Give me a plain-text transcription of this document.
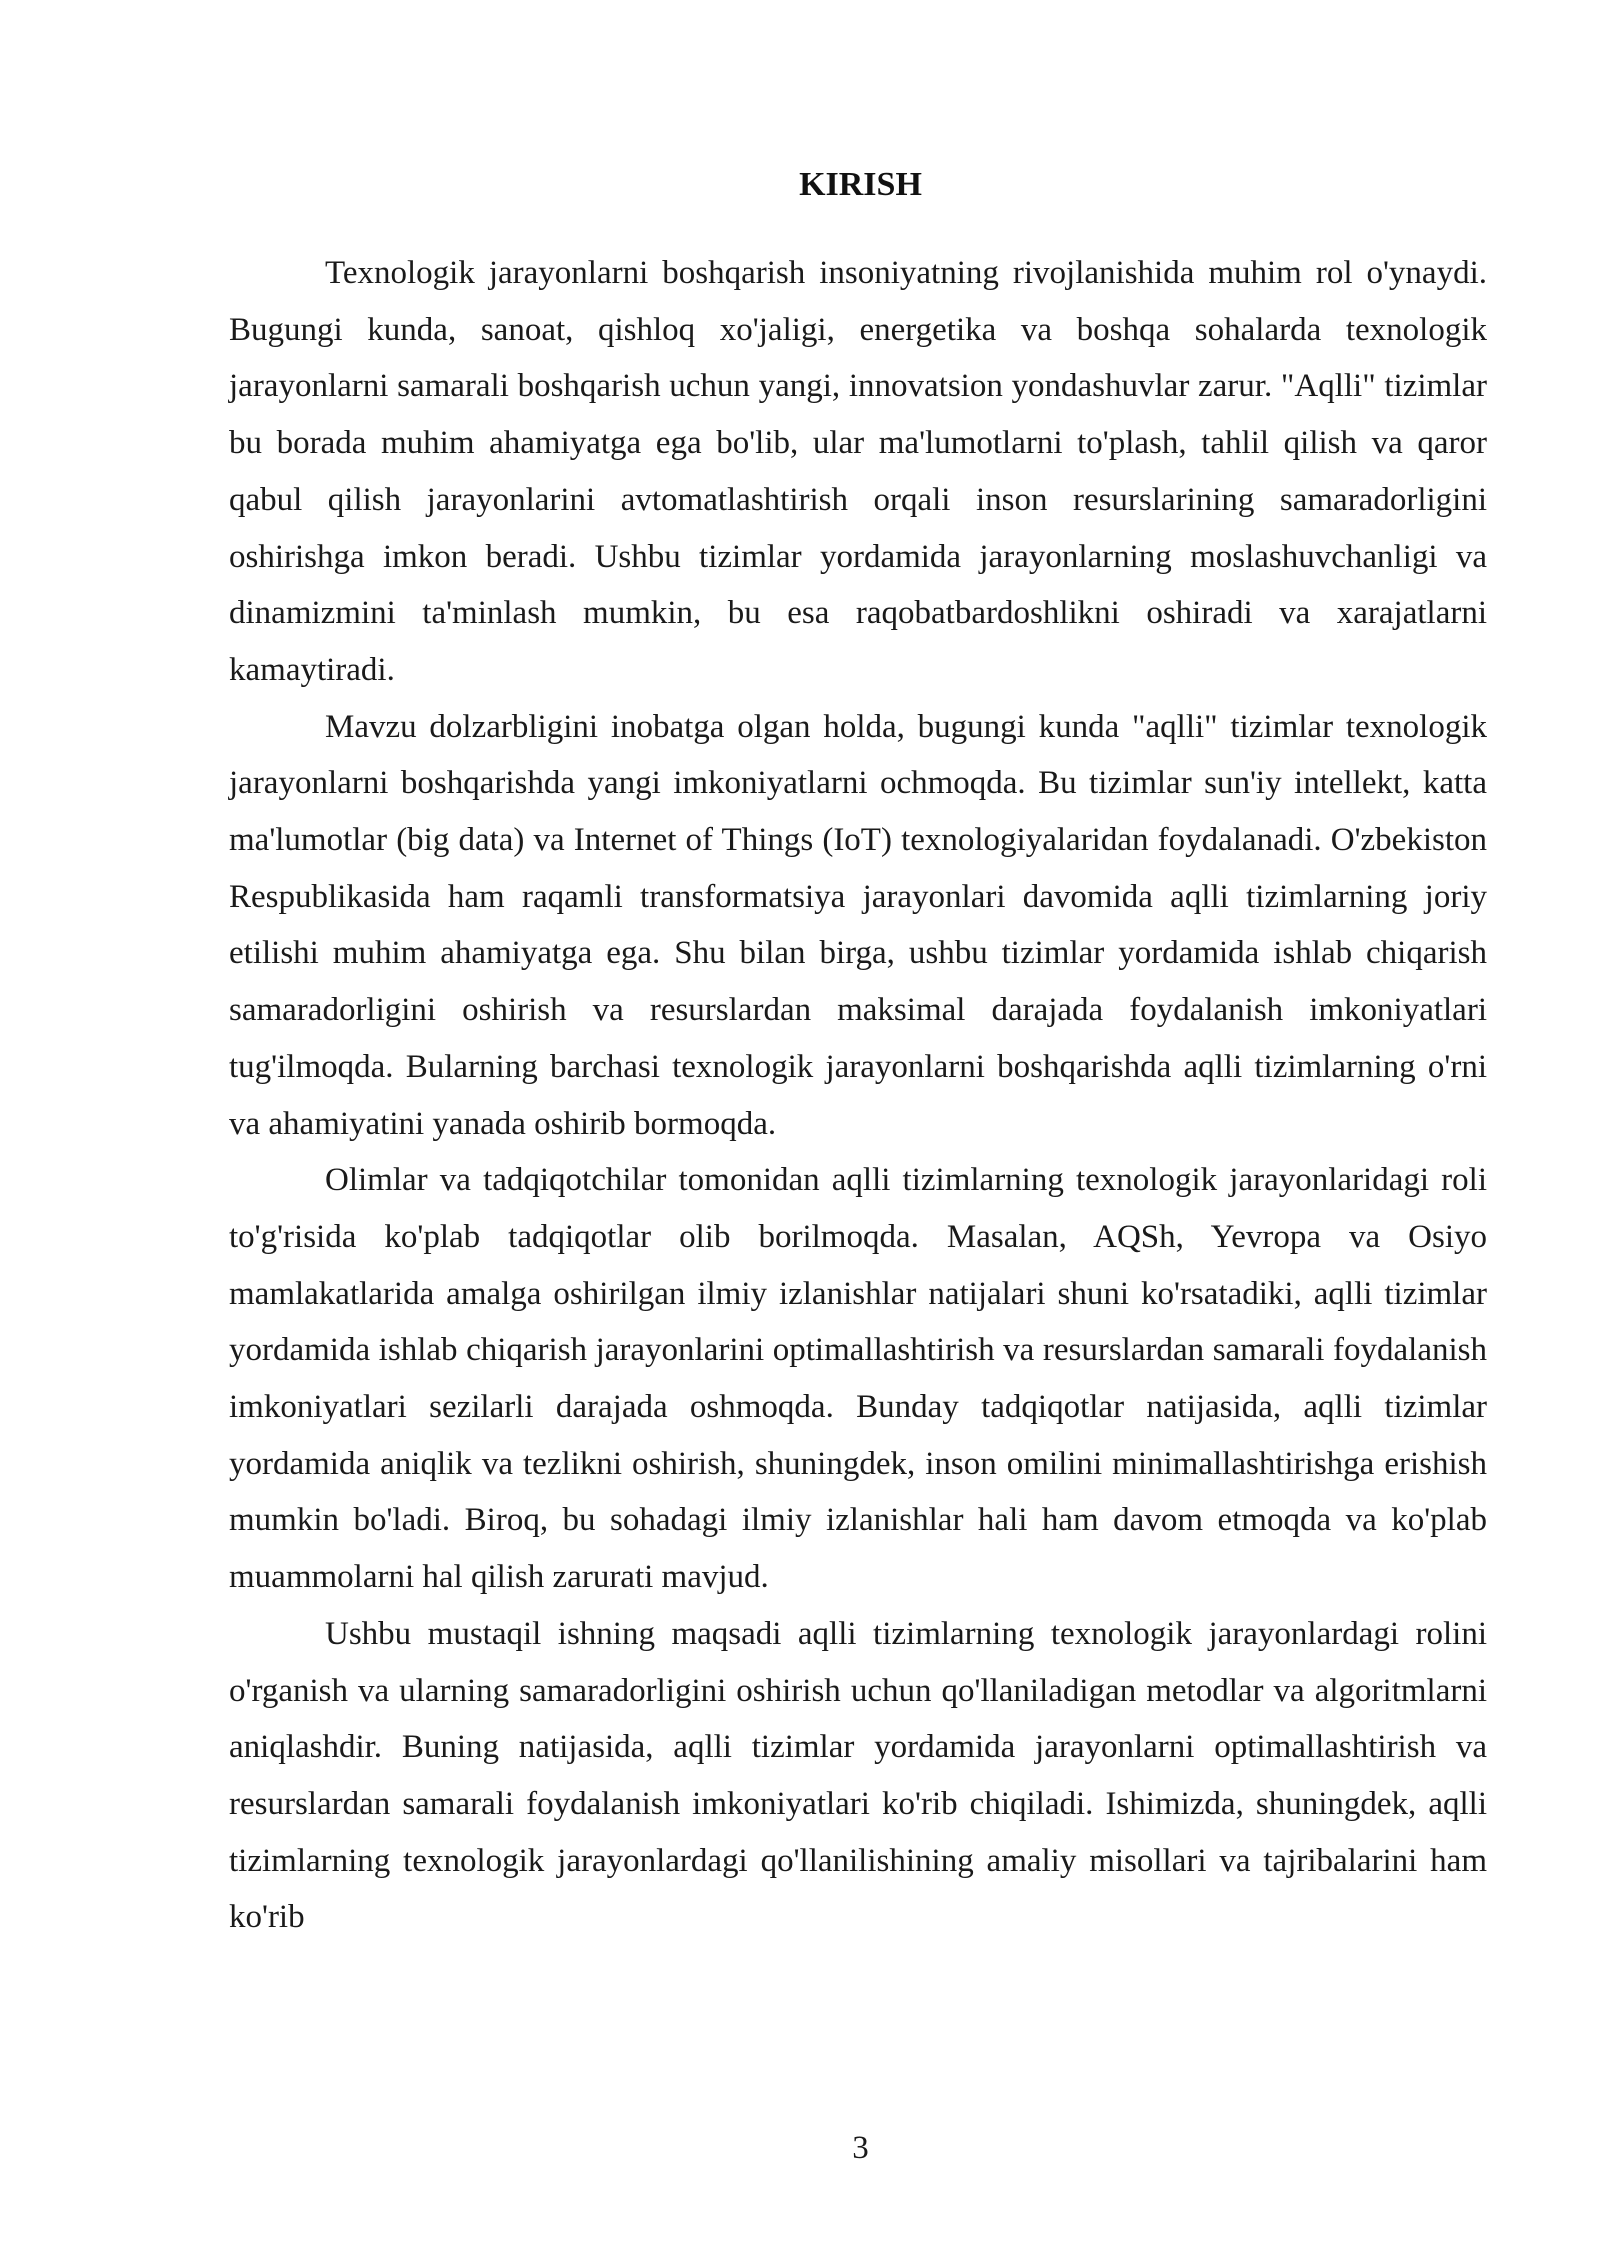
KIRISH

Texnologik jarayonlarni boshqarish insoniyatning rivojlanishida muhim rol o'ynaydi. Bugungi kunda, sanoat, qishloq xo'jaligi, energetika va boshqa sohalarda texnologik jarayonlarni samarali boshqarish uchun yangi, innovatsion yondashuvlar zarur. "Aqlli" tizimlar bu borada muhim ahamiyatga ega bo'lib, ular ma'lumotlarni to'plash, tahlil qilish va qaror qabul qilish jarayonlarini avtomatlashtirish orqali inson resurslarining samaradorligini oshirishga imkon beradi. Ushbu tizimlar yordamida jarayonlarning moslashuvchanligi va dinamizmini ta'minlash mumkin, bu esa raqobatbardoshlikni oshiradi va xarajatlarni kamaytiradi.

Mavzu dolzarbligini inobatga olgan holda, bugungi kunda "aqlli" tizimlar texnologik jarayonlarni boshqarishda yangi imkoniyatlarni ochmoqda. Bu tizimlar sun'iy intellekt, katta ma'lumotlar (big data) va Internet of Things (IoT) texnologiyalaridan foydalanadi. O'zbekiston Respublikasida ham raqamli transformatsiya jarayonlari davomida aqlli tizimlarning joriy etilishi muhim ahamiyatga ega. Shu bilan birga, ushbu tizimlar yordamida ishlab chiqarish samaradorligini oshirish va resurslardan maksimal darajada foydalanish imkoniyatlari tug'ilmoqda. Bularning barchasi texnologik jarayonlarni boshqarishda aqlli tizimlarning o'rni va ahamiyatini yanada oshirib bormoqda.

Olimlar va tadqiqotchilar tomonidan aqlli tizimlarning texnologik jarayonlaridagi roli to'g'risida ko'plab tadqiqotlar olib borilmoqda. Masalan, AQSh, Yevropa va Osiyo mamlakatlarida amalga oshirilgan ilmiy izlanishlar natijalari shuni ko'rsatadiki, aqlli tizimlar yordamida ishlab chiqarish jarayonlarini optimallashtirish va resurslardan samarali foydalanish imkoniyatlari sezilarli darajada oshmoqda. Bunday tadqiqotlar natijasida, aqlli tizimlar yordamida aniqlik va tezlikni oshirish, shuningdek, inson omilini minimallashtirishga erishish mumkin bo'ladi. Biroq, bu sohadagi ilmiy izlanishlar hali ham davom etmoqda va ko'plab muammolarni hal qilish zarurati mavjud.

Ushbu mustaqil ishning maqsadi aqlli tizimlarning texnologik jarayonlardagi rolini o'rganish va ularning samaradorligini oshirish uchun qo'llaniladigan metodlar va algoritmlarni aniqlashdir. Buning natijasida, aqlli tizimlar yordamida jarayonlarni optimallashtirish va resurslardan samarali foydalanish imkoniyatlari ko'rib chiqiladi. Ishimizda, shuningdek, aqlli tizimlarning texnologik jarayonlardagi qo'llanilishining amaliy misollari va tajribalarini ham ko'rib

3
